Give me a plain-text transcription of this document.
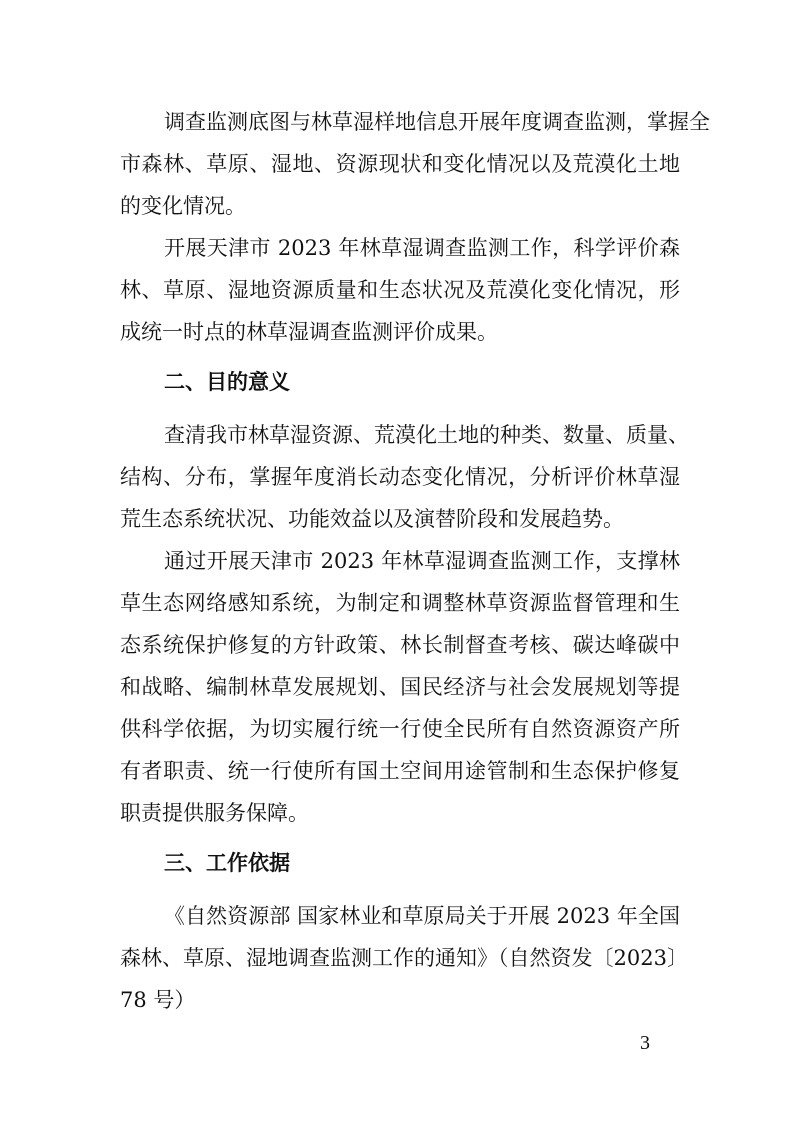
调查监测底图与林草湿样地信息开展年度调查监测，掌握全
市森林、草原、湿地、资源现状和变化情况以及荒漠化土地
的变化情况。
开展天津市 2023 年林草湿调查监测工作，科学评价森
林、草原、湿地资源质量和生态状况及荒漠化变化情况，形
成统一时点的林草湿调查监测评价成果。
二、目的意义
查清我市林草湿资源、荒漠化土地的种类、数量、质量、
结构、分布，掌握年度消长动态变化情况，分析评价林草湿
荒生态系统状况、功能效益以及演替阶段和发展趋势。
通过开展天津市 2023 年林草湿调查监测工作，支撑林
草生态网络感知系统，为制定和调整林草资源监督管理和生
态系统保护修复的方针政策、林长制督查考核、碳达峰碳中
和战略、编制林草发展规划、国民经济与社会发展规划等提
供科学依据，为切实履行统一行使全民所有自然资源资产所
有者职责、统一行使所有国土空间用途管制和生态保护修复
职责提供服务保障。
三、工作依据
《自然资源部 国家林业和草原局关于开展 2023 年全国
森林、草原、湿地调查监测工作的通知》（自然资发〔2023〕
78 号）
3
